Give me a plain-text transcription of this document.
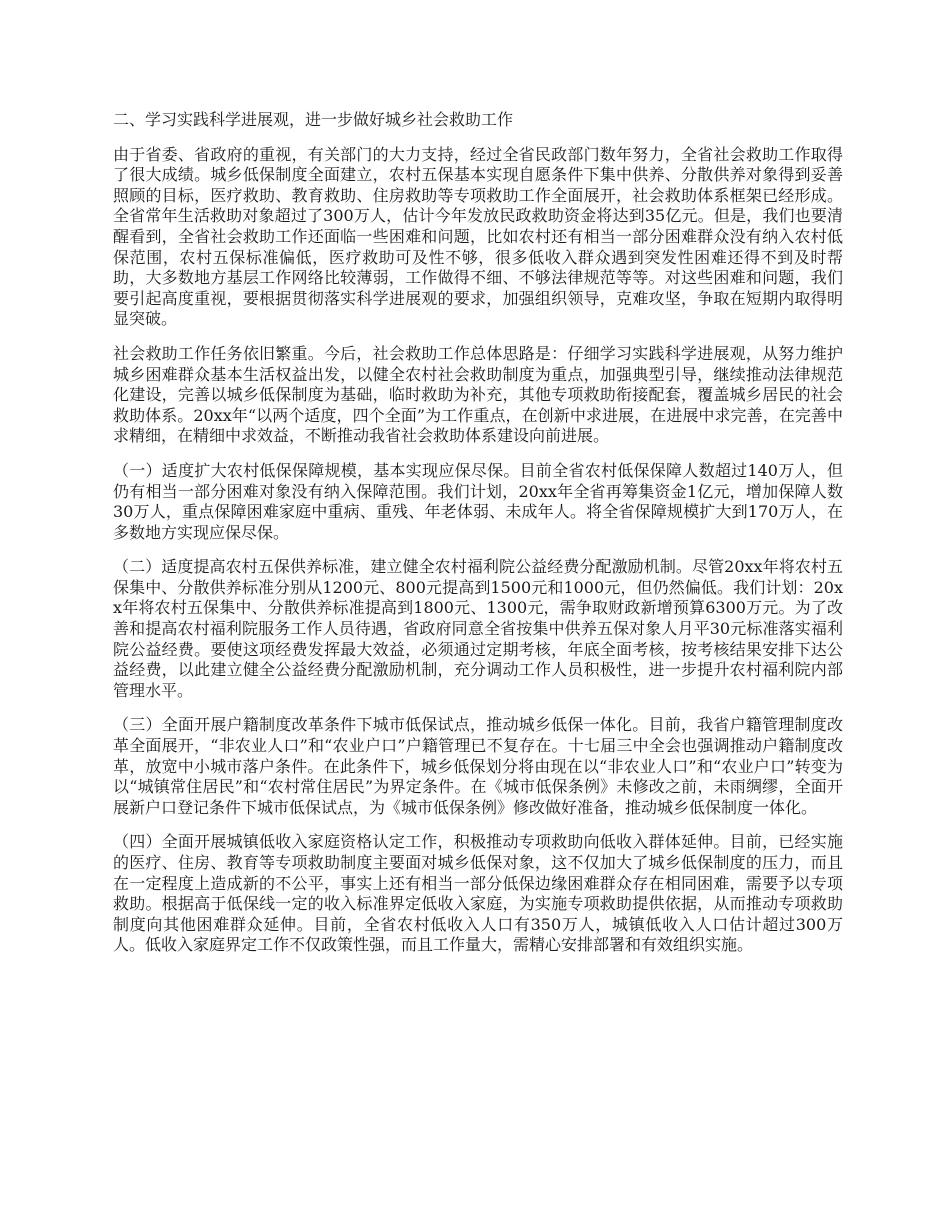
二、学习实践科学进展观，进一步做好城乡社会救助工作

由于省委、省政府的重视，有关部门的大力支持，经过全省民政部门数年努力，全省社会救助工作取得了很大成绩。城乡低保制度全面建立，农村五保基本实现自愿条件下集中供养、分散供养对象得到妥善照顾的目标，医疗救助、教育救助、住房救助等专项救助工作全面展开，社会救助体系框架已经形成。全省常年生活救助对象超过了300万人，估计今年发放民政救助资金将达到35亿元。但是，我们也要清醒看到，全省社会救助工作还面临一些困难和问题，比如农村还有相当一部分困难群众没有纳入农村低保范围，农村五保标准偏低，医疗救助可及性不够，很多低收入群众遇到突发性困难还得不到及时帮助，大多数地方基层工作网络比较薄弱，工作做得不细、不够法律规范等等。对这些困难和问题，我们要引起高度重视，要根据贯彻落实科学进展观的要求，加强组织领导，克难攻坚，争取在短期内取得明显突破。

社会救助工作任务依旧繁重。今后，社会救助工作总体思路是：仔细学习实践科学进展观，从努力维护城乡困难群众基本生活权益出发，以健全农村社会救助制度为重点，加强典型引导，继续推动法律规范化建设，完善以城乡低保制度为基础，临时救助为补充，其他专项救助衔接配套，覆盖城乡居民的社会救助体系。20xx年“以两个适度，四个全面”为工作重点，在创新中求进展，在进展中求完善，在完善中求精细，在精细中求效益，不断推动我省社会救助体系建设向前进展。

（一）适度扩大农村低保保障规模，基本实现应保尽保。目前全省农村低保保障人数超过140万人，但仍有相当一部分困难对象没有纳入保障范围。我们计划，20xx年全省再筹集资金1亿元，增加保障人数30万人，重点保障困难家庭中重病、重残、年老体弱、未成年人。将全省保障规模扩大到170万人，在多数地方实现应保尽保。

（二）适度提高农村五保供养标准，建立健全农村福利院公益经费分配激励机制。尽管20xx年将农村五保集中、分散供养标准分别从1200元、800元提高到1500元和1000元，但仍然偏低。我们计划：20xx年将农村五保集中、分散供养标准提高到1800元、1300元，需争取财政新增预算6300万元。为了改善和提高农村福利院服务工作人员待遇，省政府同意全省按集中供养五保对象人月平30元标准落实福利院公益经费。要使这项经费发挥最大效益，必须通过定期考核，年底全面考核，按考核结果安排下达公益经费，以此建立健全公益经费分配激励机制，充分调动工作人员积极性，进一步提升农村福利院内部管理水平。

（三）全面开展户籍制度改革条件下城市低保试点，推动城乡低保一体化。目前，我省户籍管理制度改革全面展开，“非农业人口”和“农业户口”户籍管理已不复存在。十七届三中全会也强调推动户籍制度改革，放宽中小城市落户条件。在此条件下，城乡低保划分将由现在以“非农业人口”和“农业户口”转变为以“城镇常住居民”和“农村常住居民”为界定条件。在《城市低保条例》未修改之前，未雨绸缪，全面开展新户口登记条件下城市低保试点，为《城市低保条例》修改做好准备，推动城乡低保制度一体化。

（四）全面开展城镇低收入家庭资格认定工作，积极推动专项救助向低收入群体延伸。目前，已经实施的医疗、住房、教育等专项救助制度主要面对城乡低保对象，这不仅加大了城乡低保制度的压力，而且在一定程度上造成新的不公平，事实上还有相当一部分低保边缘困难群众存在相同困难，需要予以专项救助。根据高于低保线一定的收入标准界定低收入家庭，为实施专项救助提供依据，从而推动专项救助制度向其他困难群众延伸。目前，全省农村低收入人口有350万人，城镇低收入人口估计超过300万人。低收入家庭界定工作不仅政策性强，而且工作量大，需精心安排部署和有效组织实施。
